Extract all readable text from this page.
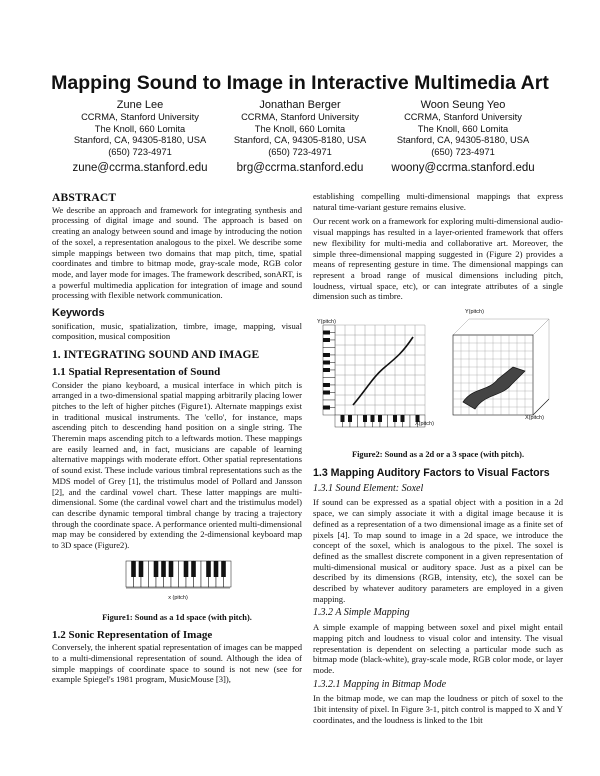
Mapping Sound to Image in Interactive Multimedia Art
Zune Lee
CCRMA, Stanford University
The Knoll, 660 Lomita
Stanford, CA, 94305-8180, USA
(650) 723-4971
zune@ccrma.stanford.edu
Jonathan Berger
CCRMA, Stanford University
The Knoll, 660 Lomita
Stanford, CA, 94305-8180, USA
(650) 723-4971
brg@ccrma.stanford.edu
Woon Seung Yeo
CCRMA, Stanford University
The Knoll, 660 Lomita
Stanford, CA, 94305-8180, USA
(650) 723-4971
woony@ccrma.stanford.edu
ABSTRACT

We describe an approach and framework for integrating synthesis and processing of digital image and sound. The approach is based on creating an analogy between sound and image by introducing the notion of the soxel, a representation analogous to the pixel. We describe some simple mappings between two domains that map pitch, time, spatial coordinates and timbre to bitmap mode, gray-scale mode, RGB color mode, and layer mode for images. The framework described, sonART, is a powerful multimedia application for integration of image and sound processing with flexible network communication.

Keywords

sonification, music, spatialization, timbre, image, mapping, visual composition, musical composition

1. INTEGRATING SOUND AND IMAGE
1.1 Spatial Representation of Sound

Consider the piano keyboard, a musical interface in which pitch is arranged in a two-dimensional spatial mapping arbitrarily placing lower pitches to the left of higher pitches (Figure1). Alternate mappings exist in traditional musical instruments. The 'cello', for instance, maps ascending pitch to descending hand position on a single string. The Theremin maps ascending pitch to a leftwards motion. These mappings are easily learned and, in fact, musicians are capable of learning alternative mappings with moderate effort. Other spatial representations of sound exist. These include various timbral representations such as the MDS model of Grey [1], the tristimulus model of Pollard and Jansson [2], and the cardinal vowel chart. These latter mappings are multi-dimensional. Some (the cardinal vowel chart and the tristimulus model) can describe dynamic temporal timbral change by tracing a trajectory through the coordinate space. A performance oriented multi-dimensional map may be considered by extending the 2-dimensional keyboard map to 3D space (Figure2).

x (pitch)
Figure1: Sound as a 1d space (with pitch).
1.2 Sonic Representation of Image

Conversely, the inherent spatial representation of images can be mapped to a multi-dimensional representation of sound. Although the idea of simple mappings of coordinate space to sound is not new (see for example Spiegel's 1981 program, MusicMouse [3]),

establishing compelling multi-dimensional mappings that express natural time-variant gesture remains elusive.

Our recent work on a framework for exploring multi-dimensional audio-visual mappings has resulted in a layer-oriented framework that offers new flexibility for multi-media and collaborative art. Moreover, the simple three-dimensional mapping suggested in (Figure 2) provides a means of representing gesture in time. The dimensional mappings can represent a broad range of musical dimensions including pitch, loudness, virtual space, etc), or can integrate attributes of a single dimension such as timbre.

Y(pitch)
X(pitch)
Y(pitch)
X(pitch)
Figure2: Sound as a 2d or a 3 space (with pitch).
1.3 Mapping Auditory Factors to Visual Factors
1.3.1 Sound Element: Soxel

If sound can be expressed as a spatial object with a position in a 2d space, we can simply associate it with a digital image because it is defined as a representation of a two dimensional image as a finite set of pixels [4]. To map sound to image in a 2d space, we introduce the concept of the soxel, which is analogous to the pixel. The soxel is defined as the smallest discrete component in a given representation of multi-dimensional musical or auditory space. Just as a pixel can be described by its dimensions (RGB, intensity, etc), the soxel can be described by whatever auditory parameters are employed in a given mapping.

1.3.2 A Simple Mapping

A simple example of mapping between soxel and pixel might entail mapping pitch and loudness to visual color and intensity. The visual representation is dependent on selecting a particular mode such as bitmap mode (black-white), gray-scale mode, RGB color mode, or layer mode.

1.3.2.1 Mapping in Bitmap Mode

In the bitmap mode, we can map the loudness or pitch of soxel to the 1bit intensity of pixel. In Figure 3-1, pitch control is mapped to X and Y coordinates, and the loudness is linked to the 1bit
